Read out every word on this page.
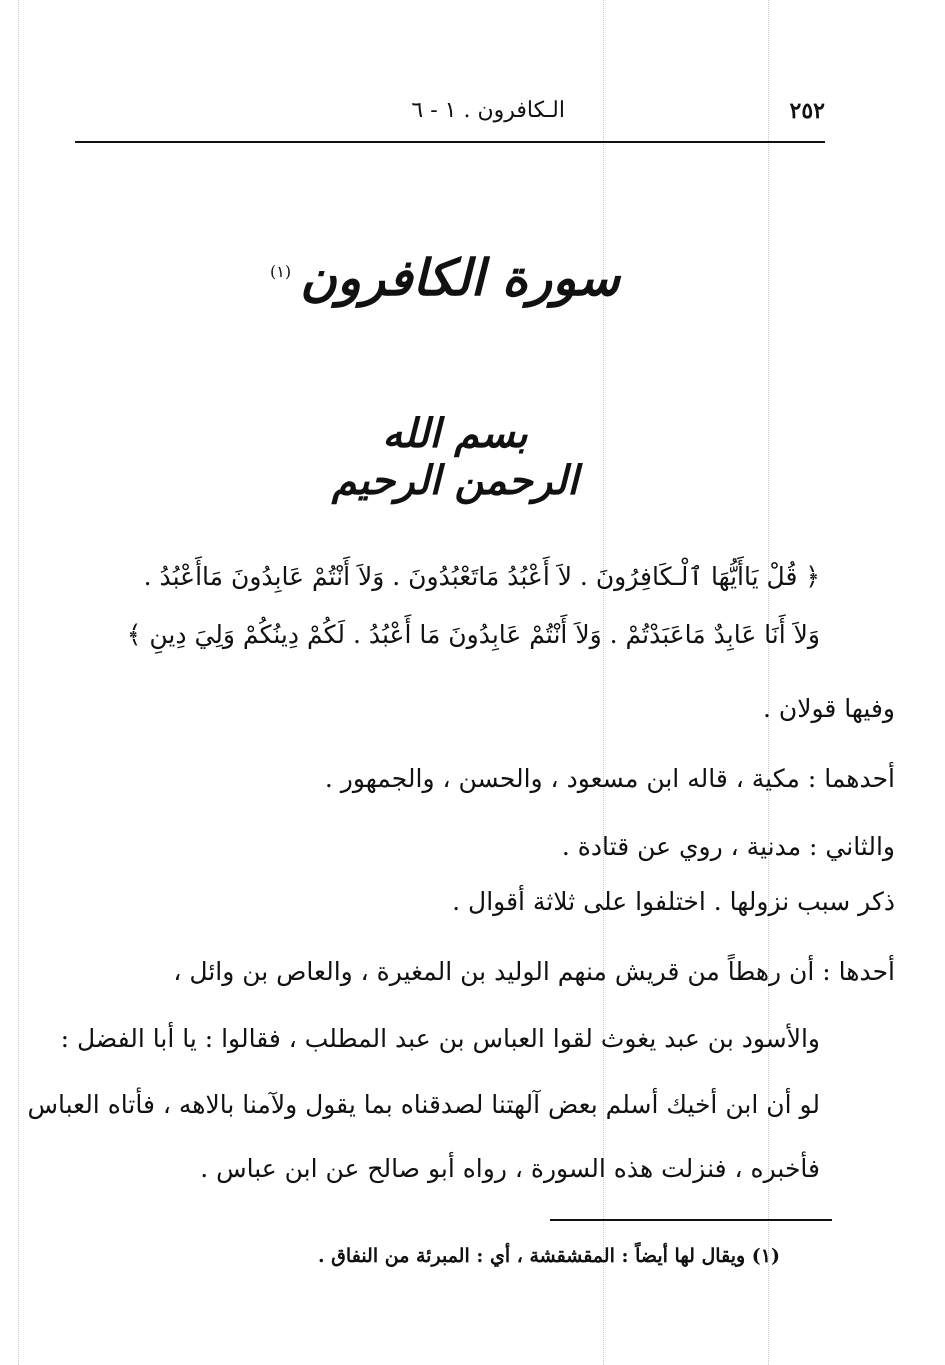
٢٥٢
الـكافرون . ١ - ٦
سورة الكافرون
(١)
بسم الله الرحمن الرحيم
﴿ قُلْ يَاأَيُّهَا ٱلْـكَافِرُونَ . لاَ أَعْبُدُ مَاتَعْبُدُونَ . وَلاَ أَنْتُمْ عَابِدُونَ مَاأَعْبُدُ .
وَلاَ أَنَا عَابِدٌ مَاعَبَدْتُمْ . وَلاَ أَنْتُمْ عَابِدُونَ مَا أَعْبُدُ . لَكُمْ دِينُكُمْ وَلِيَ دِينِ ﴾
وفيها قولان .
أحدهما : مكية ، قاله ابن مسعود ، والحسن ، والجمهور .
والثاني : مدنية ، روي عن قتادة .
ذكر سبب نزولها . اختلفوا على ثلاثة أقوال .
أحدها : أن رهطاً من قريش منهم الوليد بن المغيرة ، والعاص بن وائل ،
والأسود بن عبد يغوث لقوا العباس بن عبد المطلب ، فقالوا : يا أبا الفضل :
لو أن ابن أخيك أسلم بعض آلهتنا لصدقناه بما يقول ولآمنا بالاهه ، فأتاه العباس
فأخبره ، فنزلت هذه السورة ، رواه أبو صالح عن ابن عباس .
(١) ويقال لها أيضاً : المقشقشة ، أي : المبرئة من النفاق .
